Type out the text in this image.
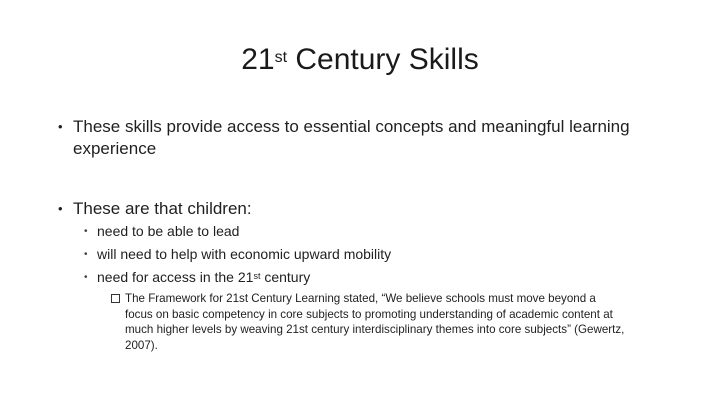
21st Century Skills
• These skills provide access to essential concepts and meaningful learning experience
• These are that children:
• need to be able to lead
• will need to help with economic upward mobility
• need for access in the 21st century
The Framework for 21st Century Learning stated, “We believe schools must move beyond a focus on basic competency in core subjects to promoting understanding of academic content at much higher levels by weaving 21st century interdisciplinary themes into core subjects” (Gewertz, 2007).
